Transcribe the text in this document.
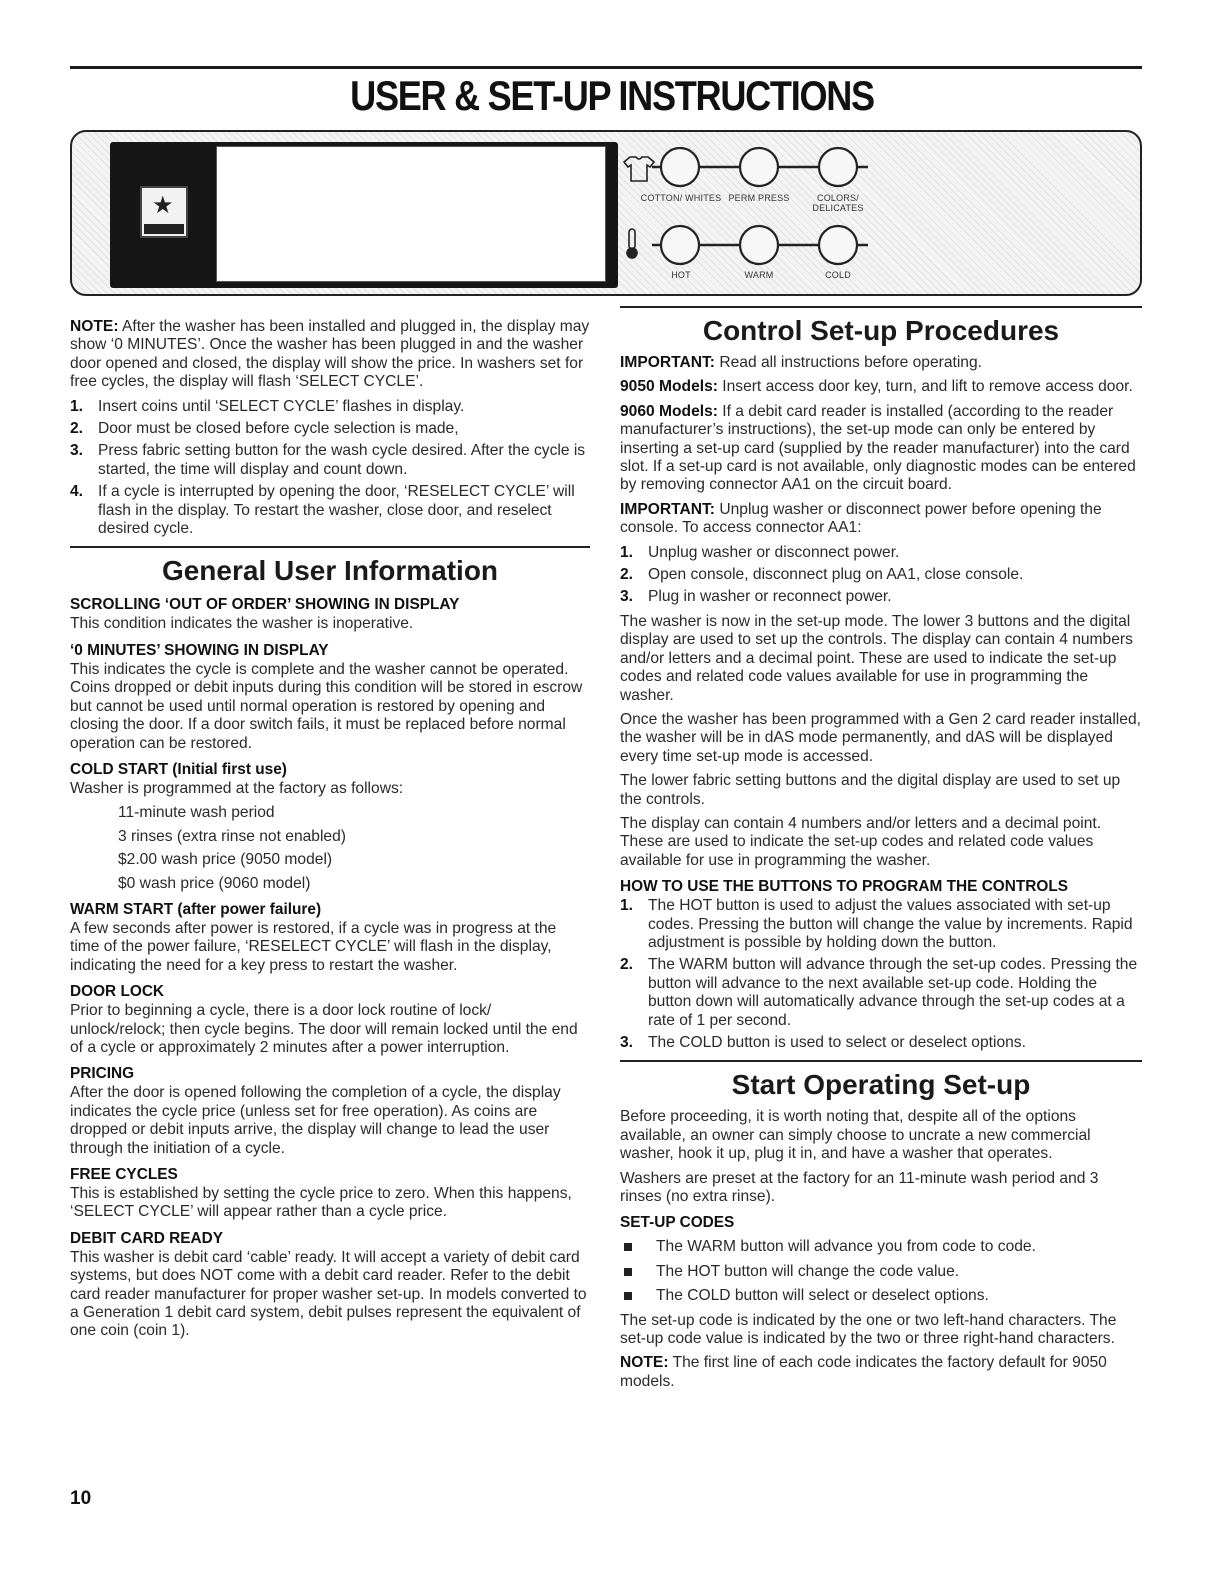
USER & SET-UP INSTRUCTIONS
★	COTTON/ WHITES PERM PRESS	COLORS/ DELICATES
HOT	WARM	COLD

NOTE: After the washer has been installed and plugged in, the display may show ‘0 MINUTES’. Once the washer has been plugged in and the washer door opened and closed, the display will show the price. In washers set for free cycles, the display will flash ‘SELECT CYCLE’.

1. Insert coins until ‘SELECT CYCLE’ flashes in display.
2. Door must be closed before cycle selection is made,
3. Press fabric setting button for the wash cycle desired. After the cycle is started, the time will display and count down.
4. If a cycle is interrupted by opening the door, ‘RESELECT CYCLE’ will flash in the display. To restart the washer, close door, and reselect desired cycle.
General User Information
SCROLLING ‘OUT OF ORDER’ SHOWING IN DISPLAY

This condition indicates the washer is inoperative.

‘0 MINUTES’ SHOWING IN DISPLAY

This indicates the cycle is complete and the washer cannot be operated. Coins dropped or debit inputs during this condition will be stored in escrow but cannot be used until normal operation is restored by opening and closing the door. If a door switch fails, it must be replaced before normal operation can be restored.

COLD START (Initial first use)

Washer is programmed at the factory as follows:

11-minute wash period
3 rinses (extra rinse not enabled)
$2.00 wash price (9050 model)
$0 wash price (9060 model)
WARM START (after power failure)

A few seconds after power is restored, if a cycle was in progress at the time of the power failure, ‘RESELECT CYCLE’ will flash in the display, indicating the need for a key press to restart the washer.

DOOR LOCK

Prior to beginning a cycle, there is a door lock routine of lock/ unlock/relock; then cycle begins. The door will remain locked until the end of a cycle or approximately 2 minutes after a power interruption.

PRICING

After the door is opened following the completion of a cycle, the display indicates the cycle price (unless set for free operation). As coins are dropped or debit inputs arrive, the display will change to lead the user through the initiation of a cycle.

FREE CYCLES

This is established by setting the cycle price to zero. When this happens, ‘SELECT CYCLE’ will appear rather than a cycle price.

DEBIT CARD READY

This washer is debit card ‘cable’ ready. It will accept a variety of debit card systems, but does NOT come with a debit card reader. Refer to the debit card reader manufacturer for proper washer set-up. In models converted to a Generation 1 debit card system, debit pulses represent the equivalent of one coin (coin 1).

Control Set-up Procedures

IMPORTANT: Read all instructions before operating.

9050 Models: Insert access door key, turn, and lift to remove access door.

9060 Models: If a debit card reader is installed (according to the reader manufacturer’s instructions), the set-up mode can only be entered by inserting a set-up card (supplied by the reader manufacturer) into the card slot. If a set-up card is not available, only diagnostic modes can be entered by removing connector AA1 on the circuit board.

IMPORTANT: Unplug washer or disconnect power before opening the console. To access connector AA1:

1. Unplug washer or disconnect power.
2. Open console, disconnect plug on AA1, close console.
3. Plug in washer or reconnect power.

The washer is now in the set-up mode. The lower 3 buttons and the digital display are used to set up the controls. The display can contain 4 numbers and/or letters and a decimal point. These are used to indicate the set-up codes and related code values available for use in programming the washer.

Once the washer has been programmed with a Gen 2 card reader installed, the washer will be in dAS mode permanently, and dAS will be displayed every time set-up mode is accessed.

The lower fabric setting buttons and the digital display are used to set up the controls.

The display can contain 4 numbers and/or letters and a decimal point. These are used to indicate the set-up codes and related code values available for use in programming the washer.

HOW TO USE THE BUTTONS TO PROGRAM THE CONTROLS
1. The HOT button is used to adjust the values associated with set-up codes. Pressing the button will change the value by increments. Rapid adjustment is possible by holding down the button.
2. The WARM button will advance through the set-up codes. Pressing the button will advance to the next available set-up code. Holding the button down will automatically advance through the set-up codes at a rate of 1 per second.
3. The COLD button is used to select or deselect options.
Start Operating Set-up

Before proceeding, it is worth noting that, despite all of the options available, an owner can simply choose to uncrate a new commercial washer, hook it up, plug it in, and have a washer that operates.

Washers are preset at the factory for an 11-minute wash period and 3 rinses (no extra rinse).

SET-UP CODES
The WARM button will advance you from code to code.
The HOT button will change the code value.
The COLD button will select or deselect options.

The set-up code is indicated by the one or two left-hand characters. The set-up code value is indicated by the two or three right-hand characters.

NOTE: The first line of each code indicates the factory default for 9050 models.

10
